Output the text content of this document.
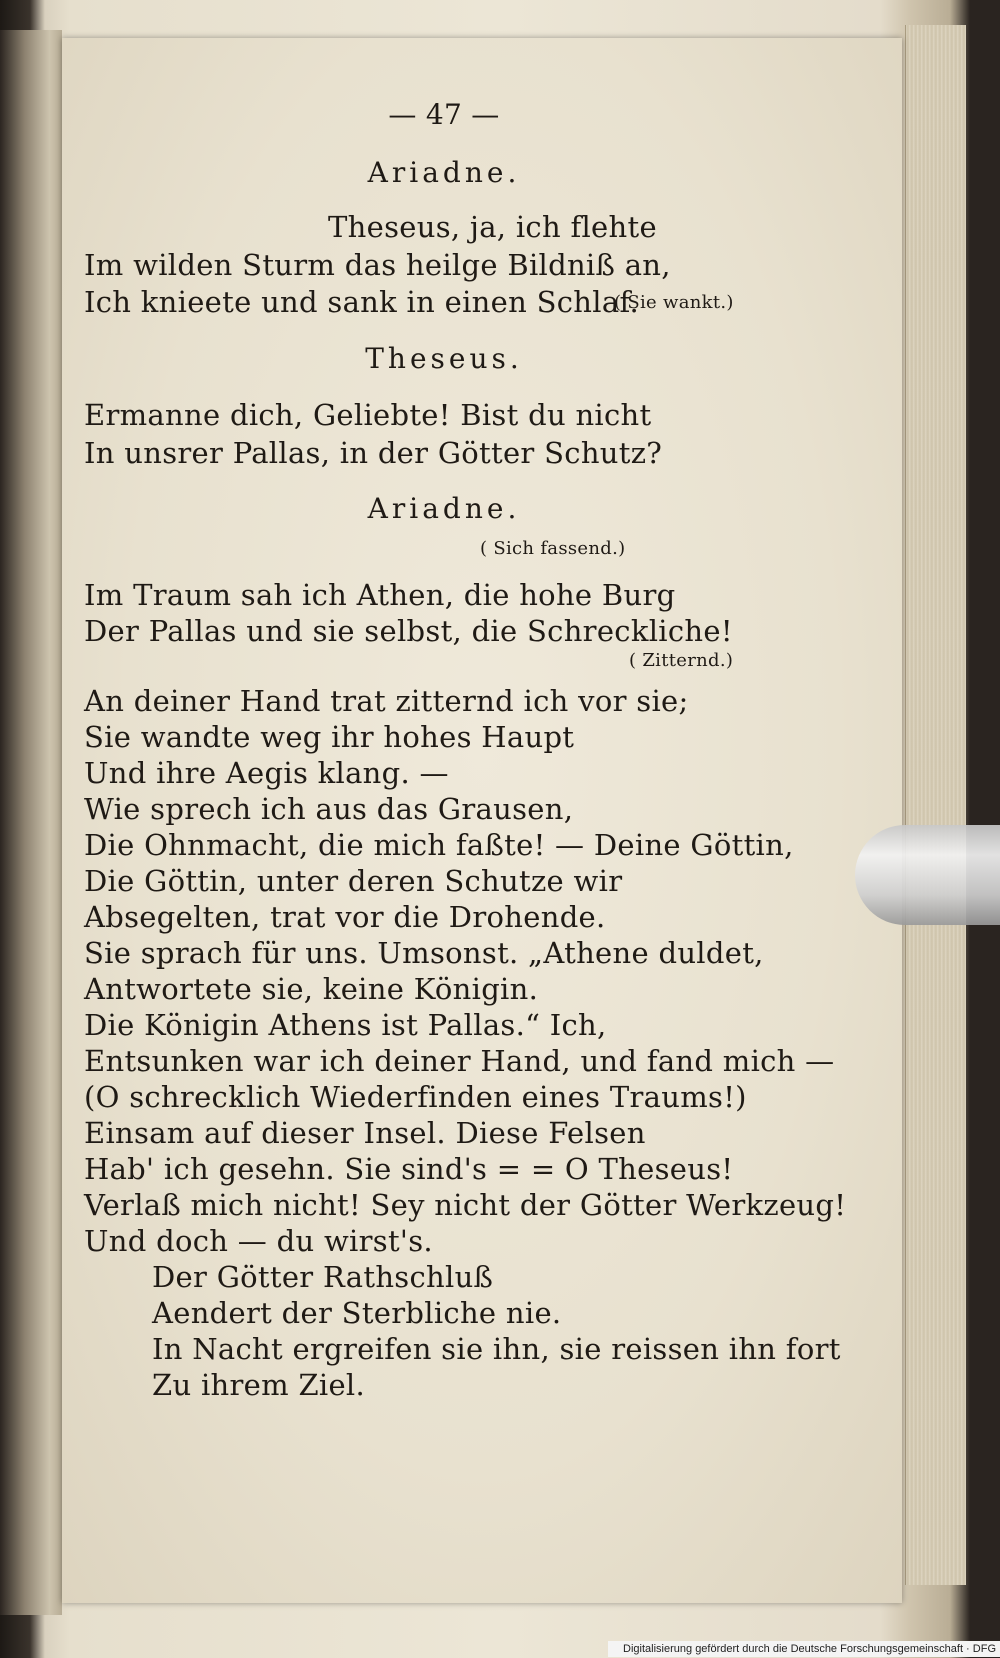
— 47 —
Ariadne.
Theseus, ja, ich flehte
Im wilden Sturm das heilge Bildniß an,
Ich knieete und sank in einen Schlaf.
( Sie wankt.)
Theseus.
Ermanne dich, Geliebte! Bist du nicht
In unsrer Pallas, in der Götter Schutz?
Ariadne.
( Sich fassend.)
Im Traum sah ich Athen, die hohe Burg
Der Pallas und sie selbst, die Schreckliche!
( Zitternd.)
An deiner Hand trat zitternd ich vor sie;
Sie wandte weg ihr hohes Haupt
Und ihre Aegis klang. —
Wie sprech ich aus das Grausen,
Die Ohnmacht, die mich faßte! — Deine Göttin,
Die Göttin, unter deren Schutze wir
Absegelten, trat vor die Drohende.
Sie sprach für uns. Umsonst. „Athene duldet,
Antwortete sie, keine Königin.
Die Königin Athens ist Pallas.“ Ich,
Entsunken war ich deiner Hand, und fand mich —
(O schrecklich Wiederfinden eines Traums!)
Einsam auf dieser Insel. Diese Felsen
Hab' ich gesehn. Sie sind's = = O Theseus!
Verlaß mich nicht! Sey nicht der Götter Werkzeug!
Und doch — du wirst's.
Der Götter Rathschluß
Aendert der Sterbliche nie.
In Nacht ergreifen sie ihn, sie reissen ihn fort
Zu ihrem Ziel.
Digitalisierung gefördert durch die Deutsche Forschungsgemeinschaft · DFG
